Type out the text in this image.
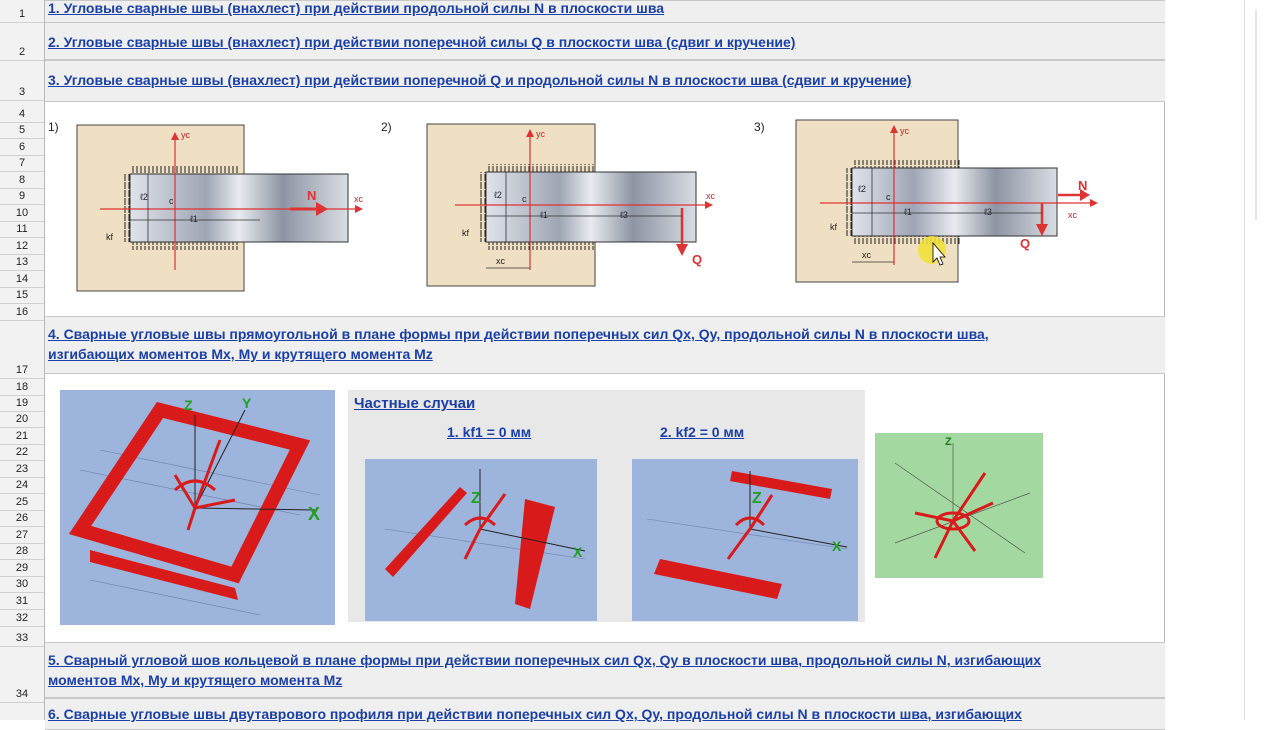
1
2
3
4
5
6
7
8
9
10
11
12
13
14
15
16
17
18
19
20
21
22
23
24
25
26
27
28
29
30
31
32
33
34
1. Угловые сварные швы (внахлест) при действии продольной силы N в плоскости шва
2. Угловые сварные швы (внахлест) при действии поперечной силы Q в плоскости шва (сдвиг и кручение)
3. Угловые сварные швы (внахлест) при действии поперечной Q и продольной силы N в плоскости шва (сдвиг и кручение)
4. Сварные угловые швы прямоугольной в плане формы при действии поперечных сил Qx, Qy, продольной силы N в плоскости шва,
изгибающих моментов Mx, My и крутящего момента Mz
5. Сварный угловой шов кольцевой в плане формы при действии поперечных сил Qx, Qy в плоскости шва, продольной силы N, изгибающих
моментов Mx, My и крутящего момента Mz
6. Сварные угловые швы двутаврового профиля при действии поперечных сил Qx, Qy, продольной силы N в плоскости шва, изгибающих
1)
yc
xc
N
c
ℓ2
ℓ1
kf
2)	yc
xc
Q
c
ℓ2
ℓ1	ℓ3
kf
xc
3)	yc
xc
N
Q
c
ℓ2
ℓ1	ℓ3
kf
xc
Z	Y
X
Частные случаи
1. kf1 = 0 мм	2. kf2 = 0 мм
Z
X
Z
X
Z
